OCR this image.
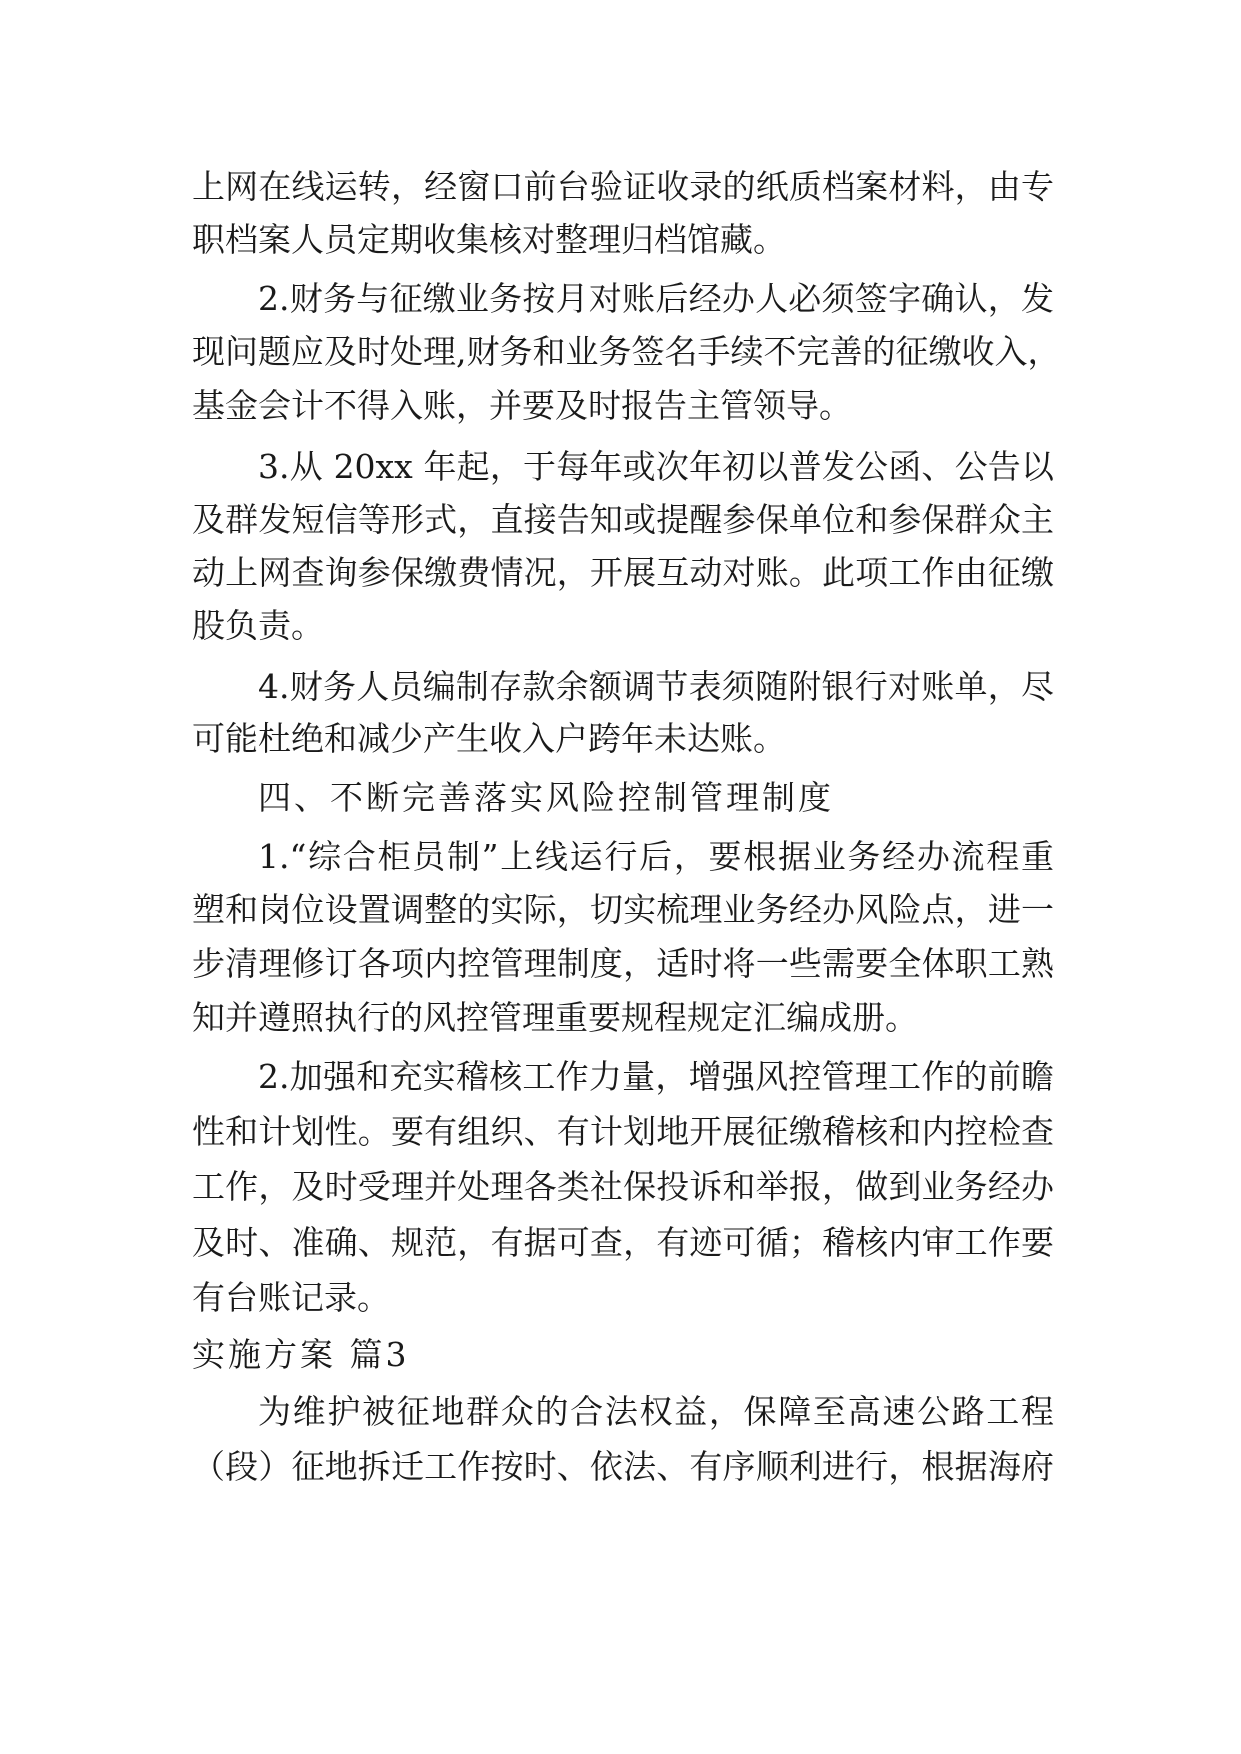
上网在线运转，经窗口前台验证收录的纸质档案材料，由专
职档案人员定期收集核对整理归档馆藏。
2.财务与征缴业务按月对账后经办人必须签字确认，发
现问题应及时处理,财务和业务签名手续不完善的征缴收入，
基金会计不得入账，并要及时报告主管领导。
3.从 20xx 年起，于每年或次年初以普发公函、公告以
及群发短信等形式，直接告知或提醒参保单位和参保群众主
动上网查询参保缴费情况，开展互动对账。此项工作由征缴
股负责。
4.财务人员编制存款余额调节表须随附银行对账单，尽
可能杜绝和减少产生收入户跨年未达账。
四、不断完善落实风险控制管理制度
1.“综合柜员制”上线运行后，要根据业务经办流程重
塑和岗位设置调整的实际，切实梳理业务经办风险点，进一
步清理修订各项内控管理制度，适时将一些需要全体职工熟
知并遵照执行的风控管理重要规程规定汇编成册。
2.加强和充实稽核工作力量，增强风控管理工作的前瞻
性和计划性。要有组织、有计划地开展征缴稽核和内控检查
工作，及时受理并处理各类社保投诉和举报，做到业务经办
及时、准确、规范，有据可查，有迹可循；稽核内审工作要
有台账记录。
实施方案 篇3
为维护被征地群众的合法权益，保障至高速公路工程
（段）征地拆迁工作按时、依法、有序顺利进行，根据海府
